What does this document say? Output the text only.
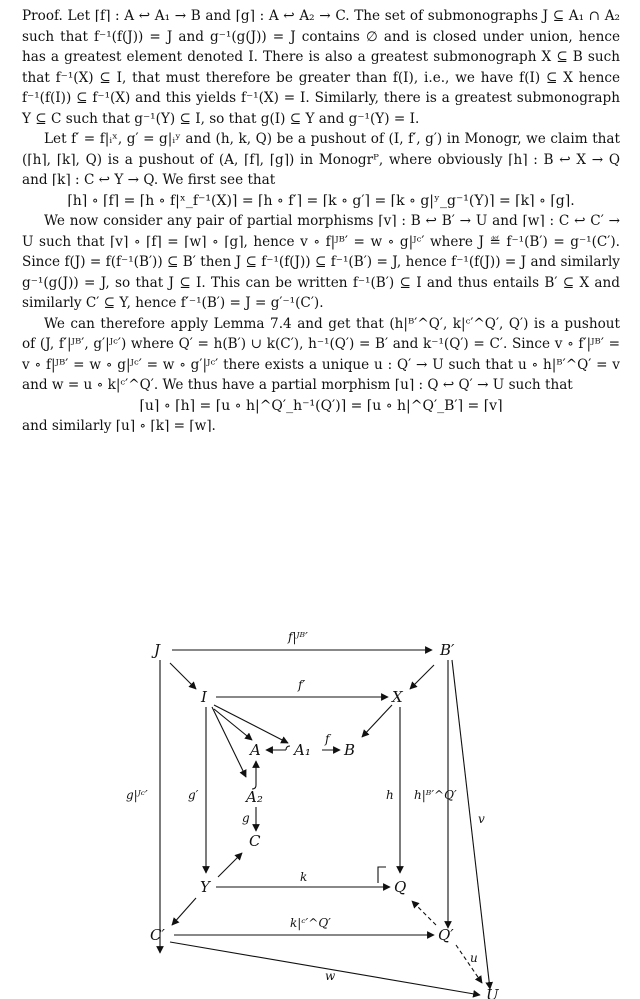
Proof. Let ⌈f⌉ : A ↩ A₁ → B and ⌈g⌉ : A ↩ A₂ → C. The set of submonographs J ⊆ A₁ ∩ A₂ such that f⁻¹(f(J)) = J and g⁻¹(g(J)) = J contains ∅ and is closed under union, hence has a greatest element denoted I. There is also a greatest submonograph X ⊆ B such that f⁻¹(X) ⊆ I, that must therefore be greater than f(I), i.e., we have f(I) ⊆ X hence f⁻¹(f(I)) ⊆ f⁻¹(X) and this yields f⁻¹(X) = I. Similarly, there is a greatest submonograph Y ⊆ C such that g⁻¹(Y) ⊆ I, so that g(I) ⊆ Y and g⁻¹(Y) = I.

Let f′ = f|ᵢˣ, g′ = g|ᵢʸ and (h, k, Q) be a pushout of (I, f′, g′) in Monogr, we claim that (⌈h⌉, ⌈k⌉, Q) is a pushout of (A, ⌈f⌉, ⌈g⌉) in Monogrᴾ, where obviously ⌈h⌉ : B ↩ X → Q and ⌈k⌉ : C ↩ Y → Q. We first see that

⌈h⌉ ∘ ⌈f⌉ = ⌈h ∘ f|ˣ_f⁻¹(X)⌉ = ⌈h ∘ f′⌉ = ⌈k ∘ g′⌉ = ⌈k ∘ g|ʸ_g⁻¹(Y)⌉ = ⌈k⌉ ∘ ⌈g⌉.

We now consider any pair of partial morphisms ⌈v⌉ : B ↩ B′ → U and ⌈w⌉ : C ↩ C′ → U such that ⌈v⌉ ∘ ⌈f⌉ = ⌈w⌉ ∘ ⌈g⌉, hence v ∘ f|ᴶᴮ′ = w ∘ g|ᴶᶜ′ where J ≝ f⁻¹(B′) = g⁻¹(C′). Since f(J) = f(f⁻¹(B′)) ⊆ B′ then J ⊆ f⁻¹(f(J)) ⊆ f⁻¹(B′) = J, hence f⁻¹(f(J)) = J and similarly g⁻¹(g(J)) = J, so that J ⊆ I. This can be written f⁻¹(B′) ⊆ I and thus entails B′ ⊆ X and similarly C′ ⊆ Y, hence f′⁻¹(B′) = J = g′⁻¹(C′).

We can therefore apply Lemma 7.4 and get that (h|ᴮ′^Q′, k|ᶜ′^Q′, Q′) is a pushout of (J, f′|ᴶᴮ′, g′|ᴶᶜ′) where Q′ = h(B′) ∪ k(C′), h⁻¹(Q′) = B′ and k⁻¹(Q′) = C′. Since v ∘ f′|ᴶᴮ′ = v ∘ f|ᴶᴮ′ = w ∘ g|ᴶᶜ′ = w ∘ g′|ᴶᶜ′ there exists a unique u : Q′ → U such that u ∘ h|ᴮ′^Q′ = v and w = u ∘ k|ᶜ′^Q′. We thus have a partial morphism ⌈u⌉ : Q ↩ Q′ → U such that

⌈u⌉ ∘ ⌈h⌉ = ⌈u ∘ h|^Q′_h⁻¹(Q′)⌉ = ⌈u ∘ h|^Q′_B′⌉ = ⌈v⌉

and similarly ⌈u⌉ ∘ ⌈k⌉ = ⌈w⌉.

J	B′
I	X
A A₁ B
A₂
C
Y	Q
C′	Q′
U
f|ᴶᴮ′
f′
f
g
g′
g|ᴶᶜ′	h h|ᴮ′^Q′
k
k|ᶜ′^Q′
v
w
u
